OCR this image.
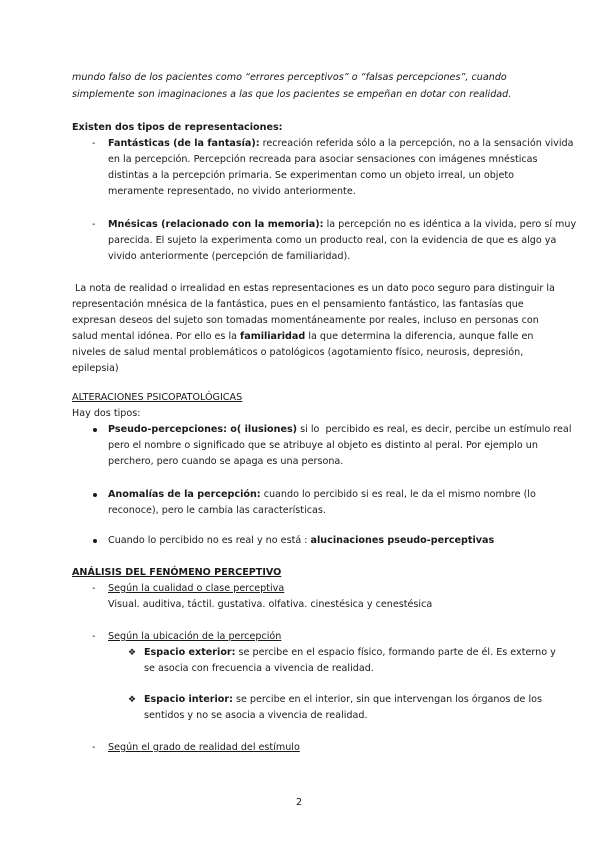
mundo falso de los pacientes como “errores perceptivos” o “falsas percepciones”, cuando

simplemente son imaginaciones a las que los pacientes se empeñan en dotar con realidad.

Existen dos tipos de representaciones:

- Fantásticas (de la fantasía): recreación referida sólo a la percepción, no a la sensación vivida

en la percepción. Percepción recreada para asociar sensaciones con imágenes mnésticas

distintas a la percepción primaria. Se experimentan como un objeto irreal, un objeto

meramente representado, no vivido anteriormente.

- Mnésicas (relacionado con la memoria): la percepción no es idéntica a la vivida, pero sí muy

parecida. El sujeto la experimenta como un producto real, con la evidencia de que es algo ya

vivido anteriormente (percepción de familiaridad).

La nota de realidad o irrealidad en estas representaciones es un dato poco seguro para distinguir la

representación mnésica de la fantástica, pues en el pensamiento fantástico, las fantasías que

expresan deseos del sujeto son tomadas momentáneamente por reales, incluso en personas con

salud mental idónea. Por ello es la familiaridad la que determina la diferencia, aunque falle en

niveles de salud mental problemáticos o patológicos (agotamiento físico, neurosis, depresión,

epilepsia)

ALTERACIONES PSICOPATOLÓGICAS

Hay dos tipos:

Pseudo-percepciones: o( ilusiones) si lo  percibido es real, es decir, percibe un estímulo real

pero el nombre o significado que se atribuye al objeto es distinto al peral. Por ejemplo un

perchero, pero cuando se apaga es una persona.

Anomalías de la percepción: cuando lo percibido si es real, le da el mismo nombre (lo

reconoce), pero le cambia las características.

Cuando lo percibido no es real y no está : alucinaciones pseudo-perceptivas

ANÁLISIS DEL FENÓMENO PERCEPTIVO

- Según la cualidad o clase perceptiva

Visual. auditiva, táctil. gustativa. olfativa. cinestésica y cenestésica

- Según la ubicación de la percepción

❖ Espacio exterior: se percibe en el espacio físico, formando parte de él. Es externo y

se asocia con frecuencia a vivencia de realidad.

❖ Espacio interior: se percibe en el interior, sin que intervengan los órganos de los

sentidos y no se asocia a vivencia de realidad.

- Según el grado de realidad del estímulo

2
